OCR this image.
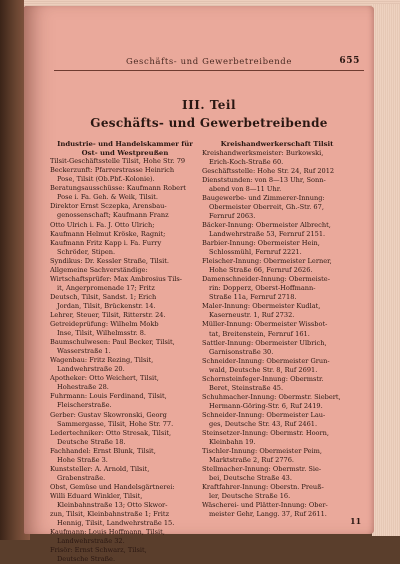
Geschäfts- und Gewerbetreibende	655
III. Teil
Geschäfts- und Gewerbetreibende
Industrie- und Handelskammer für
Ost- und Westpreußen
Tilsit-Geschäftsstelle Tilsit, Hohe Str. 79
Beckerzunft: Pfarrerstrasse Heinrich
Pose, Tilsit (Ob.Pbf.-Kolonie).
Beratungsausschüsse: Kaufmann Robert
Pose i. Fa. Geh. & Weik, Tilsit.
Direktor Ernst Sczepka, Arensbau-
genossenschaft; Kaufmann Franz
Otto Ulrich i. Fa. J. Otto Ulrich;
Kaufmann Helmut Kröske, Ragnit;
Kaufmann Fritz Kapp i. Fa. Furry
Schröder, Stipen.
Syndikus: Dr. Kessler Straße, Tilsit.
Allgemeine Sachverständige:
Wirtschaftsprüfer: Max Ambrosius Tils-
it, Angerpromenade 17; Fritz
Deutsch, Tilsit, Sandst. 1; Erich
Jordan, Tilsit, Brückenstr. 14.
Lehrer, Steuer, Tilsit, Ritterstr. 24.
Getreideprüfung: Wilhelm Mokb
Inse, Tilsit, Wilhelmsstr. 8.
Baumschulwesen: Paul Becker, Tilsit,
Wasserstraße 1.
Wagenbau: Fritz Rezing, Tilsit,
Landwehrstraße 20.
Apotheker: Otto Weichert, Tilsit,
Hohestraße 28.
Fuhrmann: Louis Ferdinand, Tilsit,
Fleischerstraße.
Gerber: Gustav Skowronski, Georg
Sammergasse, Tilsit, Hohe Str. 77.
Ledertechniker: Otto Stresak, Tilsit,
Deutsche Straße 18.
Fachhandel: Ernst Blunk, Tilsit,
Hohe Straße 3.
Kunststeller: A. Arnold, Tilsit,
Grabenstraße.
Obst, Gemüse und Handelsgärtnerei:
Willi Eduard Winkler, Tilsit,
Kleinbahnstraße 13; Otto Skwor-
zun, Tilsit, Kleinbahnstraße 1; Fritz
Hennig, Tilsit, Landwehrstraße 15.
Kaufmann: Louis Hoffmann, Tilsit,
Landwehrstraße 32.
Frisör: Ernst Schwarz, Tilsit,
Deutsche Straße.
Kreishandwerkerschaft Tilsit
Kreishandwerksmeister: Burkowski,
Erich-Koch-Straße 60.
Geschäftsstelle: Hohe Str. 24, Ruf 2012
Dienststunden: von 8—13 Uhr, Sonn-
abend von 8—11 Uhr.
Baugewerbe- und Zimmerer-Innung:
Obermeister Oberreit, Gh.-Str. 67,
Fernruf 2063.
Bäcker-Innung: Obermeister Albrecht,
Landwehrstraße 53, Fernruf 2151.
Barbier-Innung: Obermeister Hein,
Schlossmühl, Fernruf 2221.
Fleischer-Innung: Obermeister Lerner,
Hohe Straße 66, Fernruf 2626.
Damenschneider-Innung: Obermeiste-
rin: Dopperz, Oberst-Hoffmann-
Straße 11a, Fernruf 2718.
Maler-Innung: Obermeister Kudlat,
Kaserneustr. 1, Ruf 2732.
Müller-Innung: Obermeister Wissbot-
tat, Breitenstein, Fernruf 161.
Sattler-Innung: Obermeister Ulbrich,
Garnisonstraße 30.
Schneider-Innung: Obermeister Grun-
wald, Deutsche Str. 8, Ruf 2691.
Schornsteinfeger-Innung: Obermstr.
Beret, Steinstraße 45.
Schuhmacher-Innung: Obermstr. Siebert,
Hermann-Göring-Str. 6, Ruf 2419.
Schneider-Innung: Obermeister Lau-
ges, Deutsche Str. 43, Ruf 2461.
Steinsetzer-Innung: Obermstr. Hoorn,
Kleinbahn 19.
Tischler-Innung: Obermeister Peim,
Marktstraße 2, Ruf 2776.
Stellmacher-Innung: Obermstr. Sie-
bei, Deutsche Straße 43.
Kraftfahrer-Innung: Oberstn. Preuß-
ler, Deutsche Straße 16.
Wäscherei- und Plätter-Innung: Ober-
meister Gehr, Langg. 37, Ruf 2611.
11
